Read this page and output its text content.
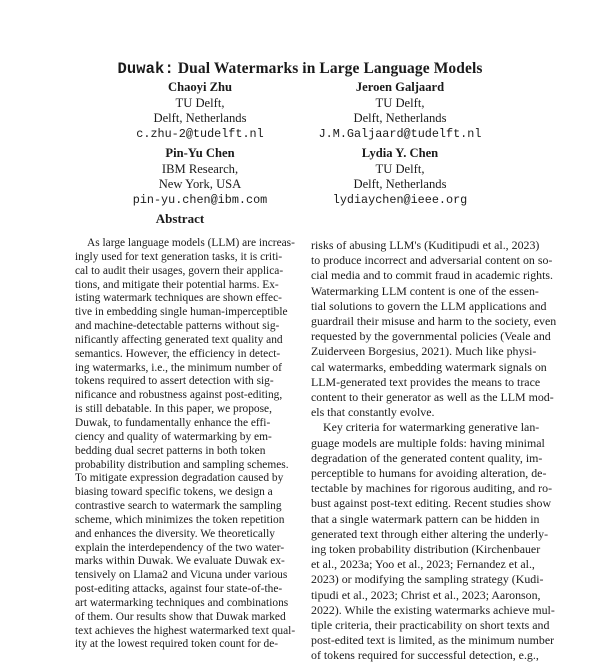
Duwak: Dual Watermarks in Large Language Models
Chaoyi Zhu
TU Delft,
Delft, Netherlands
c.zhu-2@tudelft.nl
Jeroen Galjaard
TU Delft,
Delft, Netherlands
J.M.Galjaard@tudelft.nl
Pin-Yu Chen
IBM Research,
New York, USA
pin-yu.chen@ibm.com
Lydia Y. Chen
TU Delft,
Delft, Netherlands
lydiaychen@ieee.org
Abstract
As large language models (LLM) are increas-
ingly used for text generation tasks, it is criti-
cal to audit their usages, govern their applica-
tions, and mitigate their potential harms. Ex-
isting watermark techniques are shown effec-
tive in embedding single human-imperceptible
and machine-detectable patterns without sig-
nificantly affecting generated text quality and
semantics. However, the efficiency in detect-
ing watermarks, i.e., the minimum number of
tokens required to assert detection with sig-
nificance and robustness against post-editing,
is still debatable. In this paper, we propose,
Duwak, to fundamentally enhance the effi-
ciency and quality of watermarking by em-
bedding dual secret patterns in both token
probability distribution and sampling schemes.
To mitigate expression degradation caused by
biasing toward specific tokens, we design a
contrastive search to watermark the sampling
scheme, which minimizes the token repetition
and enhances the diversity. We theoretically
explain the interdependency of the two water-
marks within Duwak. We evaluate Duwak ex-
tensively on Llama2 and Vicuna under various
post-editing attacks, against four state-of-the-
art watermarking techniques and combinations
of them. Our results show that Duwak marked
text achieves the highest watermarked text qual-
ity at the lowest required token count for de-
risks of abusing LLM's (Kuditipudi et al., 2023)
to produce incorrect and adversarial content on so-
cial media and to commit fraud in academic rights.
Watermarking LLM content is one of the essen-
tial solutions to govern the LLM applications and
guardrail their misuse and harm to the society, even
requested by the governmental policies (Veale and
Zuiderveen Borgesius, 2021). Much like physi-
cal watermarks, embedding watermark signals on
LLM-generated text provides the means to trace
content to their generator as well as the LLM mod-
els that constantly evolve.
Key criteria for watermarking generative lan-
guage models are multiple folds: having minimal
degradation of the generated content quality, im-
perceptible to humans for avoiding alteration, de-
tectable by machines for rigorous auditing, and ro-
bust against post-text editing. Recent studies show
that a single watermark pattern can be hidden in
generated text through either altering the underly-
ing token probability distribution (Kirchenbauer
et al., 2023a; Yoo et al., 2023; Fernandez et al.,
2023) or modifying the sampling strategy (Kudi-
tipudi et al., 2023; Christ et al., 2023; Aaronson,
2022). While the existing watermarks achieve mul-
tiple criteria, their practicability on short texts and
post-edited text is limited, as the minimum number
of tokens required for successful detection, e.g.,
